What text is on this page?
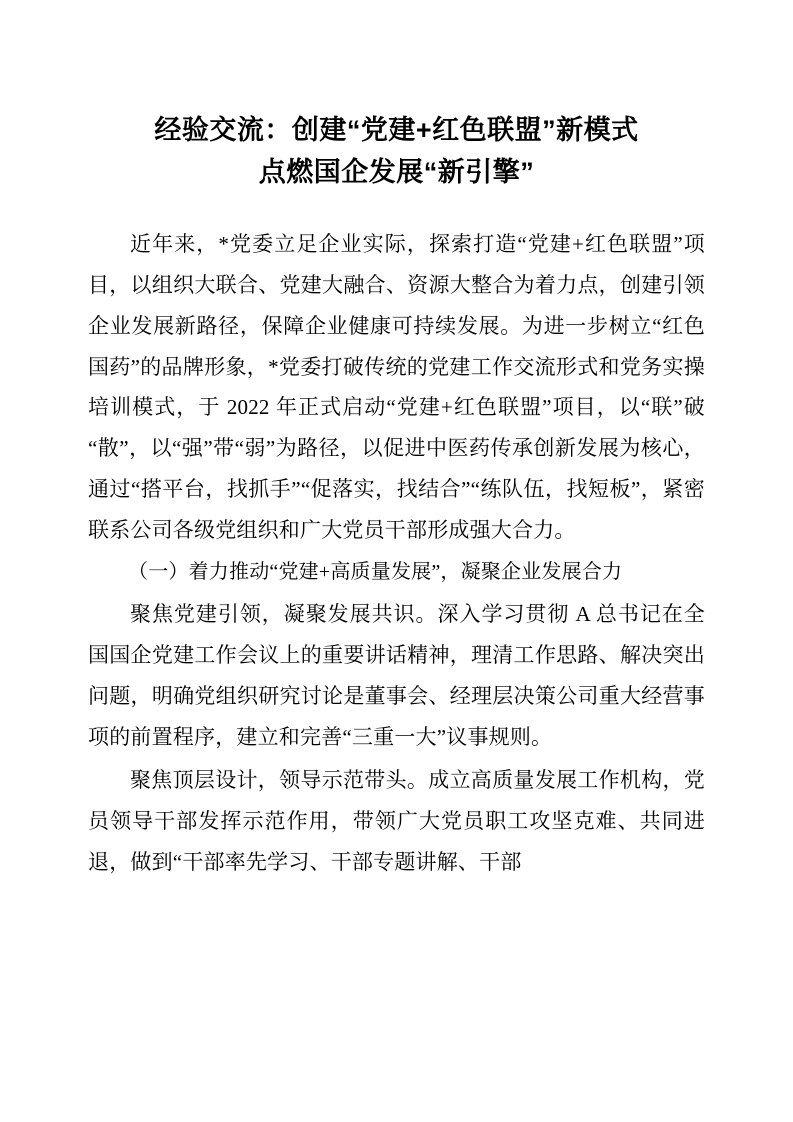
经验交流：创建“党建+红色联盟”新模式
点燃国企发展“新引擎”

近年来，*党委立足企业实际，探索打造“党建+红色联盟”项目，以组织大联合、党建大融合、资源大整合为着力点，创建引领企业发展新路径，保障企业健康可持续发展。为进一步树立“红色国药”的品牌形象，*党委打破传统的党建工作交流形式和党务实操培训模式，于 2022 年正式启动“党建+红色联盟”项目，以“联”破“散”，以“强”带“弱”为路径，以促进中医药传承创新发展为核心，通过“搭平台，找抓手”“促落实，找结合”“练队伍，找短板”，紧密联系公司各级党组织和广大党员干部形成强大合力。

（一）着力推动“党建+高质量发展”，凝聚企业发展合力

聚焦党建引领，凝聚发展共识。深入学习贯彻 A 总书记在全国国企党建工作会议上的重要讲话精神，理清工作思路、解决突出问题，明确党组织研究讨论是董事会、经理层决策公司重大经营事项的前置程序，建立和完善“三重一大”议事规则。

聚焦顶层设计，领导示范带头。成立高质量发展工作机构，党员领导干部发挥示范作用，带领广大党员职工攻坚克难、共同进退，做到“干部率先学习、干部专题讲解、干部
